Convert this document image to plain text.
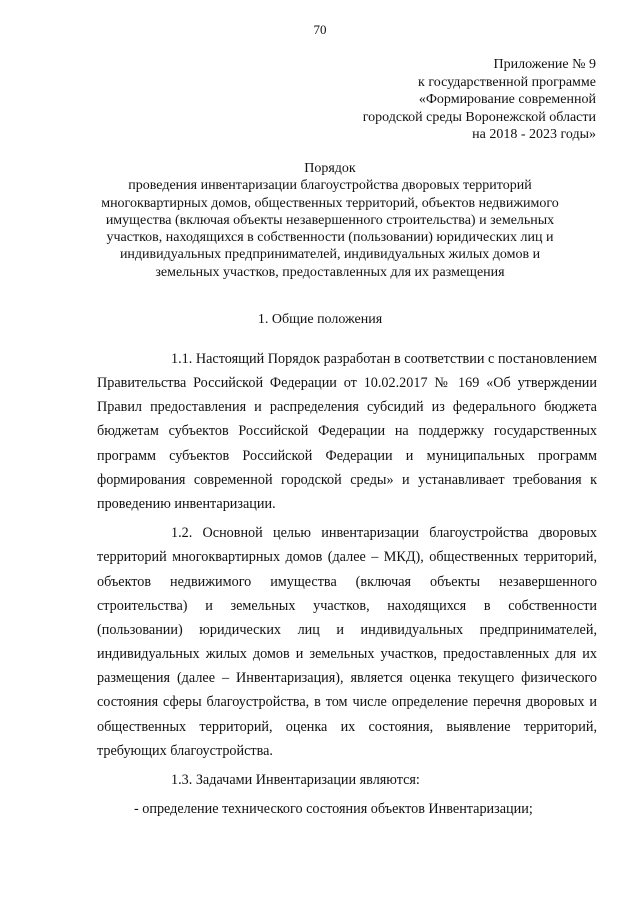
70
Приложение № 9
к государственной программе
«Формирование современной
городской среды Воронежской области
на 2018 - 2023 годы»
Порядок
проведения инвентаризации благоустройства дворовых территорий
многоквартирных домов, общественных территорий, объектов недвижимого
имущества (включая объекты незавершенного строительства) и земельных
участков, находящихся в собственности (пользовании) юридических лиц и
индивидуальных предпринимателей, индивидуальных жилых домов и
земельных участков, предоставленных для их размещения
1. Общие положения

1.1. Настоящий Порядок разработан в соответствии с постановлением Правительства Российской Федерации от 10.02.2017 № 169 «Об утверждении Правил предоставления и распределения субсидий из федерального бюджета бюджетам субъектов Российской Федерации на поддержку государственных программ субъектов Российской Федерации и муниципальных программ формирования современной городской среды» и устанавливает требования к проведению инвентаризации.

1.2. Основной целью инвентаризации благоустройства дворовых территорий многоквартирных домов (далее – МКД), общественных территорий, объектов недвижимого имущества (включая объекты незавершенного строительства) и земельных участков, находящихся в собственности (пользовании) юридических лиц и индивидуальных предпринимателей, индивидуальных жилых домов и земельных участков, предоставленных для их размещения (далее – Инвентаризация), является оценка текущего физического состояния сферы благоустройства, в том числе определение перечня дворовых и общественных территорий, оценка их состояния, выявление территорий, требующих благоустройства.

1.3. Задачами Инвентаризации являются:

- определение технического состояния объектов Инвентаризации;
